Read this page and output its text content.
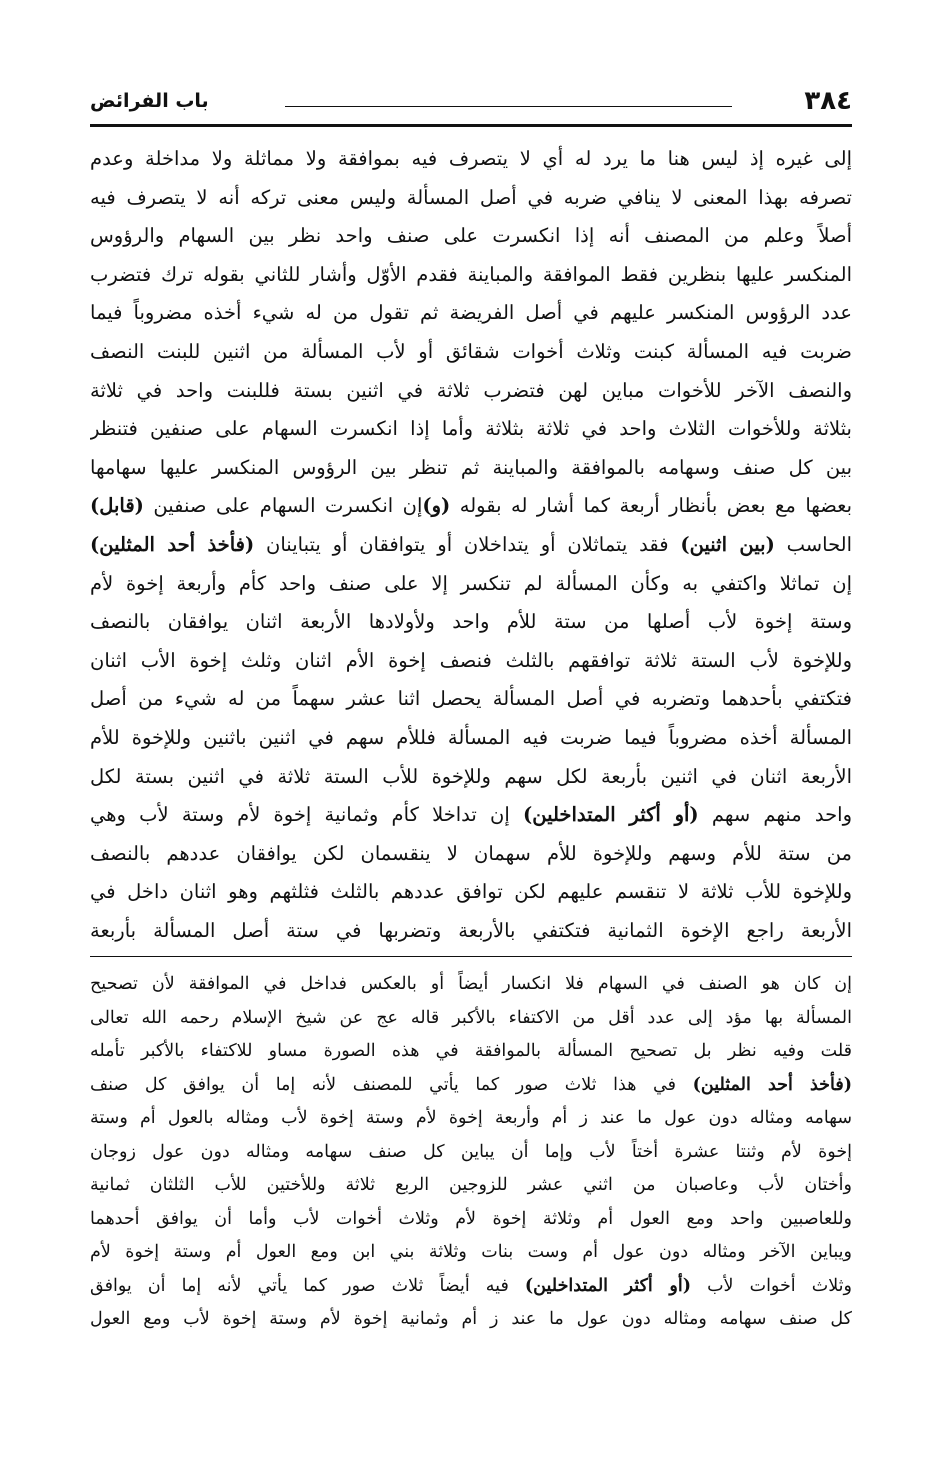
٣٨٤
باب الفرائض
إلى غيره إذ ليس هنا ما يرد له أي لا يتصرف فيه بموافقة ولا مماثلة ولا مداخلة وعدم
تصرفه بهذا المعنى لا ينافي ضربه في أصل المسألة وليس معنى تركه أنه لا يتصرف فيه
أصلاً وعلم من المصنف أنه إذا انكسرت على صنف واحد نظر بين السهام والرؤوس
المنكسر عليها بنظرين فقط الموافقة والمباينة فقدم الأوّل وأشار للثاني بقوله ترك فتضرب
عدد الرؤوس المنكسر عليهم في أصل الفريضة ثم تقول من له شيء أخذه مضروباً فيما
ضربت فيه المسألة كبنت وثلاث أخوات شقائق أو لأب المسألة من اثنين للبنت النصف
والنصف الآخر للأخوات مباين لهن فتضرب ثلاثة في اثنين بستة فللبنت واحد في ثلاثة
بثلاثة وللأخوات الثلاث واحد في ثلاثة بثلاثة وأما إذا انكسرت السهام على صنفين فتنظر
بين كل صنف وسهامه بالموافقة والمباينة ثم تنظر بين الرؤوس المنكسر عليها سهامها
بعضها مع بعض بأنظار أربعة كما أشار له بقوله (و)إن انكسرت السهام على صنفين (قابل)
الحاسب (بين اثنين) فقد يتماثلان أو يتداخلان أو يتوافقان أو يتباينان (فأخذ أحد المثلين)
إن تماثلا واكتفي به وكأن المسألة لم تنكسر إلا على صنف واحد كأم وأربعة إخوة لأم
وستة إخوة لأب أصلها من ستة للأم واحد ولأولادها الأربعة اثنان يوافقان بالنصف
وللإخوة لأب الستة ثلاثة توافقهم بالثلث فنصف إخوة الأم اثنان وثلث إخوة الأب اثنان
فتكتفي بأحدهما وتضربه في أصل المسألة يحصل اثنا عشر سهماً من له شيء من أصل
المسألة أخذه مضروباً فيما ضربت فيه المسألة فللأم سهم في اثنين باثنين وللإخوة للأم
الأربعة اثنان في اثنين بأربعة لكل سهم وللإخوة للأب الستة ثلاثة في اثنين بستة لكل
واحد منهم سهم (أو أكثر المتداخلين) إن تداخلا كأم وثمانية إخوة لأم وستة لأب وهي
من ستة للأم وسهم وللإخوة للأم سهمان لا ينقسمان لكن يوافقان عددهم بالنصف
وللإخوة للأب ثلاثة لا تنقسم عليهم لكن توافق عددهم بالثلث فثلثهم وهو اثنان داخل في
الأربعة راجع الإخوة الثمانية فتكتفي بالأربعة وتضربها في ستة أصل المسألة بأربعة
إن كان هو الصنف في السهام فلا انكسار أيضاً أو بالعكس فداخل في الموافقة لأن تصحيح
المسألة بها مؤد إلى عدد أقل من الاكتفاء بالأكبر قاله عج عن شيخ الإسلام رحمه الله تعالى
قلت وفيه نظر بل تصحيح المسألة بالموافقة في هذه الصورة مساو للاكتفاء بالأكبر تأمله
(فأخذ أحد المثلين) في هذا ثلاث صور كما يأتي للمصنف لأنه إما أن يوافق كل صنف
سهامه ومثاله دون عول ما عند ز أم وأربعة إخوة لأم وستة إخوة لأب ومثاله بالعول أم وستة
إخوة لأم وثنتا عشرة أختاً لأب وإما أن يباين كل صنف سهامه ومثاله دون عول زوجان
وأختان لأب وعاصبان من اثني عشر للزوجين الربع ثلاثة وللأختين للأب الثلثان ثمانية
وللعاصبين واحد ومع العول أم وثلاثة إخوة لأم وثلاث أخوات لأب وأما أن يوافق أحدهما
ويباين الآخر ومثاله دون عول أم وست بنات وثلاثة بني ابن ومع العول أم وستة إخوة لأم
وثلاث أخوات لأب (أو أكثر المتداخلين) فيه أيضاً ثلاث صور كما يأتي لأنه إما أن يوافق
كل صنف سهامه ومثاله دون عول ما عند ز أم وثمانية إخوة لأم وستة إخوة لأب ومع العول
